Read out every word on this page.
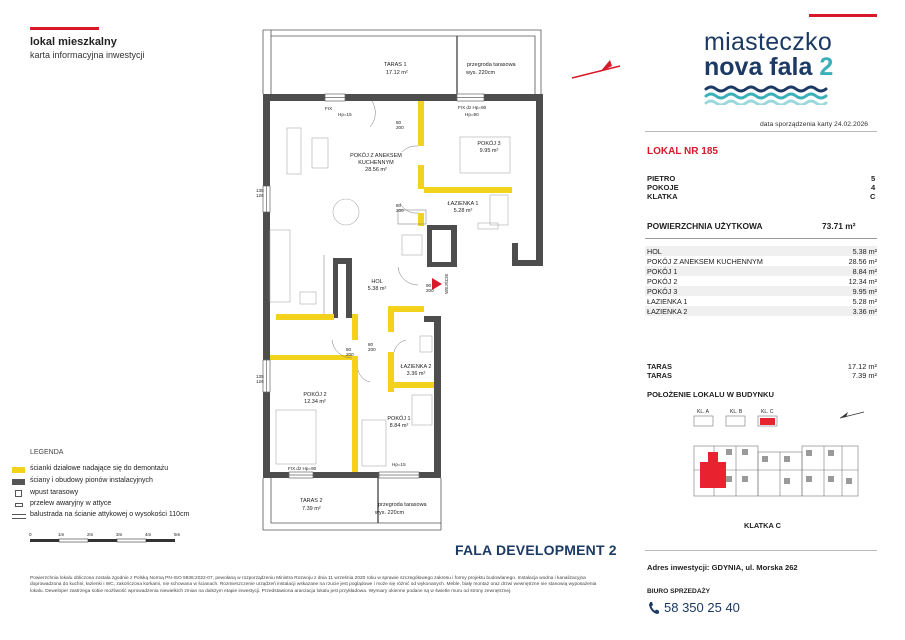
lokal mieszkalny
karta informacyjna inwestycji	miasteczko
nova fala 2
data sporządzenia karty 24.02.2026
LOKAL NR 185
PIETRO	5
POKOJE	4
KLATKA	C
POWIERZCHNIA UŻYTKOWA	73.71 m²
HOL	5.38 m²
POKÓJ Z ANEKSEM KUCHENNYM	28.56 m²
POKÓJ 1	8.84 m²
POKÓJ 2	12.34 m²
POKÓJ 3	9.95 m²
ŁAZIENKA 1	5.28 m²
ŁAZIENKA 2	3.36 m²
TARAS	17.12 m²
TARAS	7.39 m²
POŁOŻENIE LOKALU W BUDYNKU
KL. A	KL. B	KL. C
KLATKA C
Adres inwestycji: GDYNIA, ul. Morska 262
BIURO SPRZEDAŻY
58 350 25 40
FALA DEVELOPMENT 2
Powierzchnia lokalu obliczona zostala zgodnie z Polską Normą PN-ISO 9836:2022-07, pewołaną w rozporządzeniu Ministra Rozwoju z dnia 11 września 2020 roku w sprawie szczegółowego zakresu i formy projektu budowlanego. Instalacja wodna i kanalizacyjna doprowadzona do kuchni, łazienki i WC, zakończona korkami, nie schowana w ścianach. Rozmieszczenie urządzeń instalacji wskazane na rzucie jest poglądowe i może się różnić od wykonanych. Meble, biały montaż oraz drzwi wewnętrzne nie stanowią wyposażenia lokalu. Deweloper zastrzega sobie możliwość wprowadzenia niewielkich zmian na dalszym etapie inwestycji. Przedstawiona aranżacja lokalu jest przykładowa. Wymiary okienne podane są w świetle muru od strony zewnętrznej.
LEGENDA
ścianki działowe nadające się do demontażu
ściany i obudowy pionów instalacyjnych
wpust tarasowy
przelew awaryjny w attyce
balustrada na ścianie attykowej o wysokości 110cm
0	1m	2m	3m	4m	5m
TARAS 1
17.12 m²
przegroda tarasowa
wys. 220cm
TARAS 2
7.39 m²
przegroda tarasowa
wys. 220cm
POKÓJ Z ANEKSEM
KUCHENNYM
28.56 m²
POKÓJ 3
9.95 m²
ŁAZIENKA 1
5.28 m²
HOL
5.38 m²
ŁAZIENKA 2
3.36 m²
POKÓJ 2
12.34 m²
POKÓJ 1
8.84 m²
80
200
80
200
90
200
80
200
80
200
135
126
135
126
Hp=15
FIX	FIX dz Hp=90
Hp=90
Hp=15
FIX dz Hp=90
WEJŚCIE
